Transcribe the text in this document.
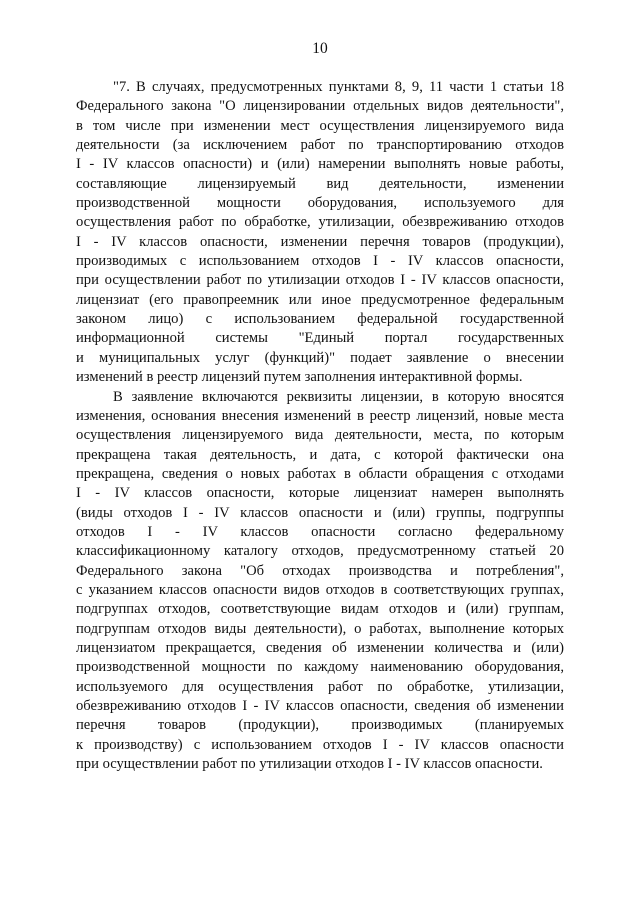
10
"7. В случаях, предусмотренных пунктами 8, 9, 11 части 1 статьи 18
Федерального закона "О лицензировании отдельных видов деятельности",
в том числе при изменении мест осуществления лицензируемого вида
деятельности (за исключением работ по транспортированию отходов
I - IV классов опасности) и (или) намерении выполнять новые работы,
составляющие лицензируемый вид деятельности, изменении
производственной мощности оборудования, используемого для
осуществления работ по обработке, утилизации, обезвреживанию отходов
I - IV классов опасности, изменении перечня товаров (продукции),
производимых с использованием отходов I - IV классов опасности,
при осуществлении работ по утилизации отходов I - IV классов опасности,
лицензиат (его правопреемник или иное предусмотренное федеральным
законом лицо) с использованием федеральной государственной
информационной системы "Единый портал государственных
и муниципальных услуг (функций)" подает заявление о внесении
изменений в реестр лицензий путем заполнения интерактивной формы.
В заявление включаются реквизиты лицензии, в которую вносятся
изменения, основания внесения изменений в реестр лицензий, новые места
осуществления лицензируемого вида деятельности, места, по которым
прекращена такая деятельность, и дата, с которой фактически она
прекращена, сведения о новых работах в области обращения с отходами
I - IV классов опасности, которые лицензиат намерен выполнять
(виды отходов I - IV классов опасности и (или) группы, подгруппы
отходов I - IV классов опасности согласно федеральному
классификационному каталогу отходов, предусмотренному статьей 20
Федерального закона "Об отходах производства и потребления",
с указанием классов опасности видов отходов в соответствующих группах,
подгруппах отходов, соответствующие видам отходов и (или) группам,
подгруппам отходов виды деятельности), о работах, выполнение которых
лицензиатом прекращается, сведения об изменении количества и (или)
производственной мощности по каждому наименованию оборудования,
используемого для осуществления работ по обработке, утилизации,
обезвреживанию отходов I - IV классов опасности, сведения об изменении
перечня товаров (продукции), производимых (планируемых
к производству) с использованием отходов I - IV классов опасности
при осуществлении работ по утилизации отходов I - IV классов опасности.
